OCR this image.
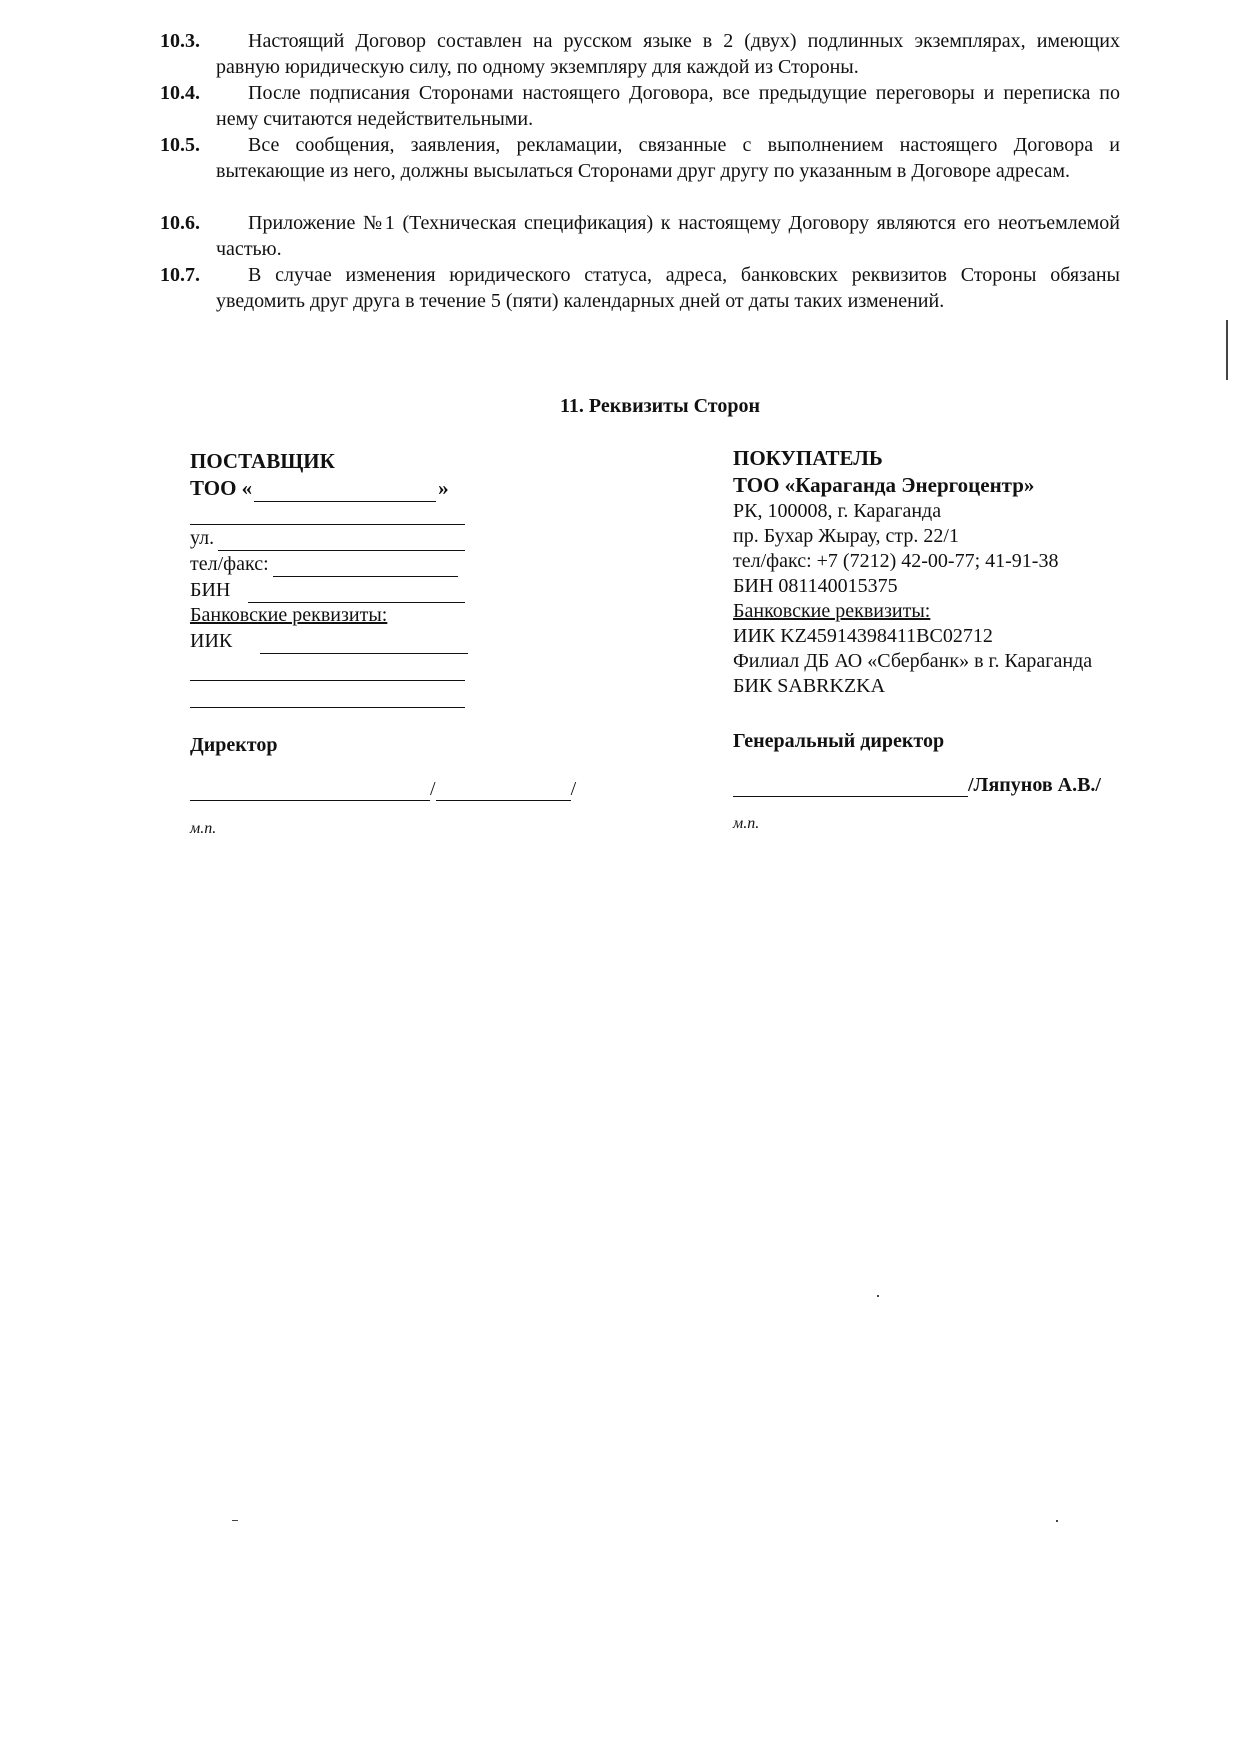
10.3.	Настоящий Договор составлен на русском языке в 2 (двух) подлинных экземплярах, имеющих равную юридическую силу, по одному экземпляру для каждой из Стороны.
10.4.	После подписания Сторонами настоящего Договора, все предыдущие переговоры и переписка по нему считаются недействительными.
10.5.	Все сообщения, заявления, рекламации, связанные с выполнением настоящего Договора и вытекающие из него, должны высылаться Сторонами друг другу по указанным в Договоре адресам.
10.6.	Приложение №1 (Техническая спецификация) к настоящему Договору являются его неотъемлемой частью.
10.7.	В случае изменения юридического статуса, адреса, банковских реквизитов Стороны обязаны уведомить друг друга в течение 5 (пяти) календарных дней от даты таких изменений.
11. Реквизиты Сторон
ПОСТАВЩИК
ТОО «	»
ул.
тел/факс:
БИН
Банковские реквизиты:
ИИК
Директор
/	/
м.п.
ПОКУПАТЕЛЬ
ТОО «Караганда Энергоцентр»
РК, 100008, г. Караганда
пр. Бухар Жырау, стр. 22/1
тел/факс: +7 (7212) 42-00-77; 41-91-38
БИН 081140015375
Банковские реквизиты:
ИИК KZ45914398411BC02712
Филиал ДБ АО «Сбербанк» в г. Караганда
БИК SABRKZKA
Генеральный директор
/Ляпунов А.В./
м.п.
